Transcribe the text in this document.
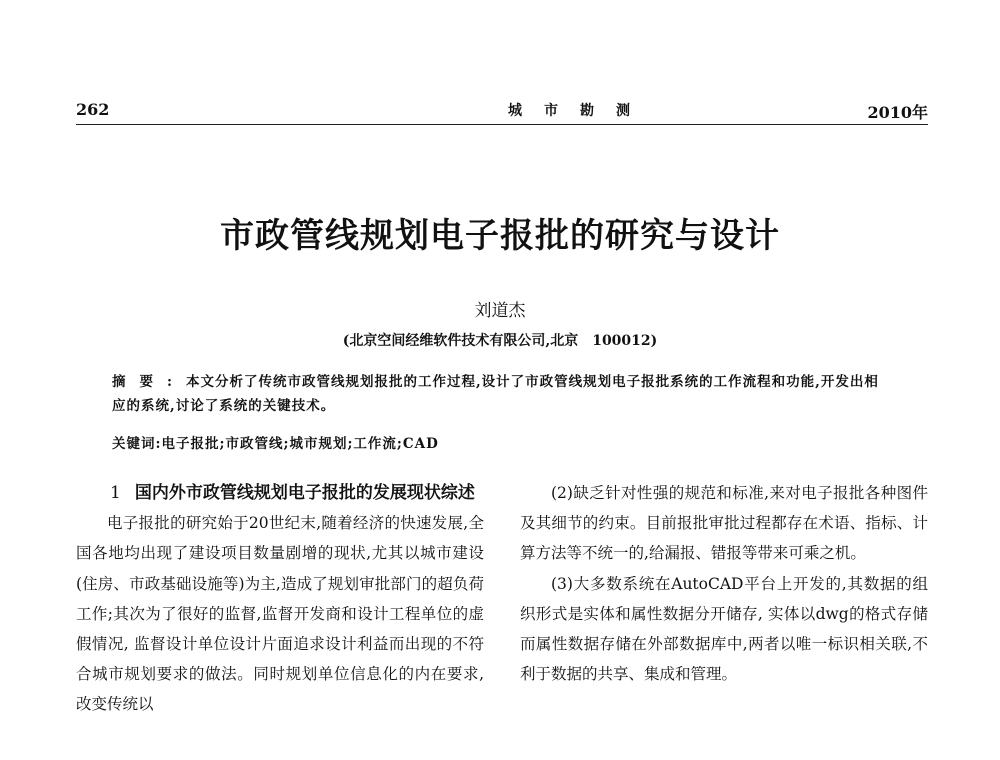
262	城市勘测	2010年
市政管线规划电子报批的研究与设计
刘道杰
(北京空间经维软件技术有限公司,北京　100012)
摘要:本文分析了传统市政管线规划报批的工作过程,设计了市政管线规划电子报批系统的工作流程和功能,开发出相应的系统,讨论了系统的关键技术。
关键词:电子报批;市政管线;城市规划;工作流;CAD

1 国内外市政管线规划电子报批的发展现状综述

电子报批的研究始于20世纪末,随着经济的快速发展,全国各地均出现了建设项目数量剧增的现状,尤其以城市建设(住房、市政基础设施等)为主,造成了规划审批部门的超负荷工作;其次为了很好的监督,监督开发商和设计工程单位的虚假情况, 监督设计单位设计片面追求设计利益而出现的不符合城市规划要求的做法。同时规划单位信息化的内在要求, 改变传统以

(2)缺乏针对性强的规范和标准,来对电子报批各种图件及其细节的约束。目前报批审批过程都存在术语、指标、计算方法等不统一的,给漏报、错报等带来可乘之机。

(3)大多数系统在AutoCAD平台上开发的,其数据的组织形式是实体和属性数据分开储存, 实体以dwg的格式存储而属性数据存储在外部数据库中,两者以唯一标识相关联,不利于数据的共享、集成和管理。
